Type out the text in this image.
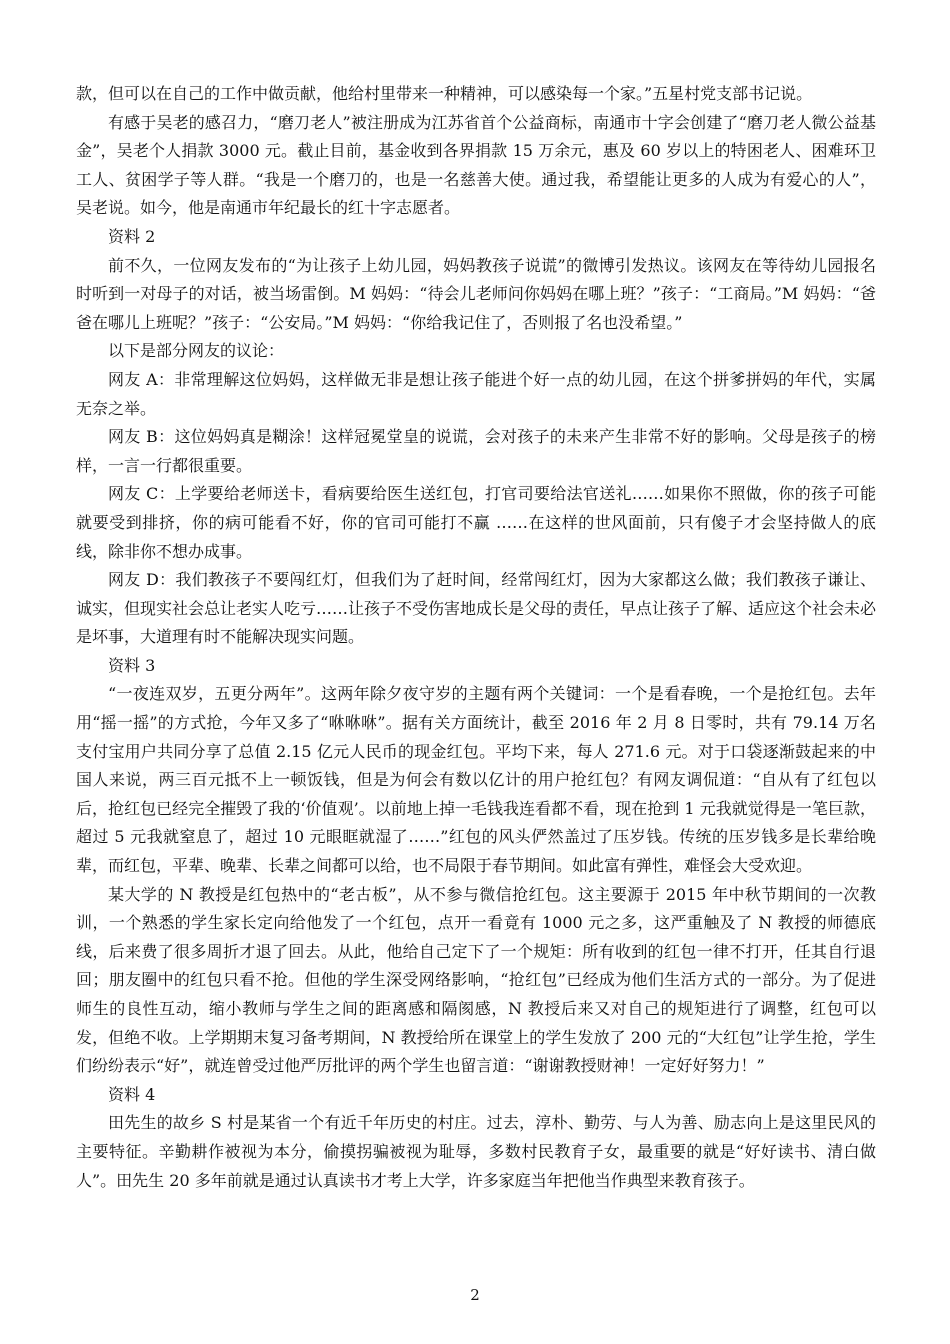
款，但可以在自己的工作中做贡献，他给村里带来一种精神，可以感染每一个家。”五星村党支部书记说。

有感于吴老的感召力，“磨刀老人”被注册成为江苏省首个公益商标，南通市十字会创建了“磨刀老人微公益基金”，吴老个人捐款 3000 元。截止目前，基金收到各界捐款 15 万余元，惠及 60 岁以上的特困老人、困难环卫工人、贫困学子等人群。“我是一个磨刀的，也是一名慈善大使。通过我，希望能让更多的人成为有爱心的人”，吴老说。如今，他是南通市年纪最长的红十字志愿者。

资料 2

前不久，一位网友发布的“为让孩子上幼儿园，妈妈教孩子说谎”的微博引发热议。该网友在等待幼儿园报名时听到一对母子的对话，被当场雷倒。M 妈妈：“待会儿老师问你妈妈在哪上班？”孩子：“工商局。”M 妈妈：“爸爸在哪儿上班呢？”孩子：“公安局。”M 妈妈：“你给我记住了，否则报了名也没希望。”

以下是部分网友的议论：

网友 A：非常理解这位妈妈，这样做无非是想让孩子能进个好一点的幼儿园，在这个拼爹拼妈的年代，实属无奈之举。

网友 B：这位妈妈真是糊涂！这样冠冕堂皇的说谎，会对孩子的未来产生非常不好的影响。父母是孩子的榜样，一言一行都很重要。

网友 C：上学要给老师送卡，看病要给医生送红包，打官司要给法官送礼……如果你不照做，你的孩子可能就要受到排挤，你的病可能看不好，你的官司可能打不赢 ……在这样的世风面前，只有傻子才会坚持做人的底线，除非你不想办成事。

网友 D：我们教孩子不要闯红灯，但我们为了赶时间，经常闯红灯，因为大家都这么做；我们教孩子谦让、诚实，但现实社会总让老实人吃亏……让孩子不受伤害地成长是父母的责任，早点让孩子了解、适应这个社会未必是坏事，大道理有时不能解决现实问题。

资料 3

“一夜连双岁，五更分两年”。这两年除夕夜守岁的主题有两个关键词：一个是看春晚，一个是抢红包。去年用“摇一摇”的方式抢，今年又多了“咻咻咻”。据有关方面统计，截至 2016 年 2 月 8 日零时，共有 79.14 万名支付宝用户共同分享了总值 2.15 亿元人民币的现金红包。平均下来，每人 271.6 元。对于口袋逐渐鼓起来的中国人来说，两三百元抵不上一顿饭钱，但是为何会有数以亿计的用户抢红包？有网友调侃道：“自从有了红包以后，抢红包已经完全摧毁了我的‘价值观’。以前地上掉一毛钱我连看都不看，现在抢到 1 元我就觉得是一笔巨款，超过 5 元我就窒息了，超过 10 元眼眶就湿了……”红包的风头俨然盖过了压岁钱。传统的压岁钱多是长辈给晚辈，而红包，平辈、晚辈、长辈之间都可以给，也不局限于春节期间。如此富有弹性，难怪会大受欢迎。

某大学的 N 教授是红包热中的“老古板”，从不参与微信抢红包。这主要源于 2015 年中秋节期间的一次教训，一个熟悉的学生家长定向给他发了一个红包，点开一看竟有 1000 元之多，这严重触及了 N 教授的师德底线，后来费了很多周折才退了回去。从此，他给自己定下了一个规矩：所有收到的红包一律不打开，任其自行退回；朋友圈中的红包只看不抢。但他的学生深受网络影响，“抢红包”已经成为他们生活方式的一部分。为了促进师生的良性互动，缩小教师与学生之间的距离感和隔阂感，N 教授后来又对自己的规矩进行了调整，红包可以发，但绝不收。上学期期末复习备考期间，N 教授给所在课堂上的学生发放了 200 元的“大红包”让学生抢，学生们纷纷表示“好”，就连曾受过他严厉批评的两个学生也留言道：“谢谢教授财神！一定好好努力！”

资料 4

田先生的故乡 S 村是某省一个有近千年历史的村庄。过去，淳朴、勤劳、与人为善、励志向上是这里民风的主要特征。辛勤耕作被视为本分，偷摸拐骗被视为耻辱，多数村民教育子女，最重要的就是“好好读书、清白做人”。田先生 20 多年前就是通过认真读书才考上大学，许多家庭当年把他当作典型来教育孩子。

2
